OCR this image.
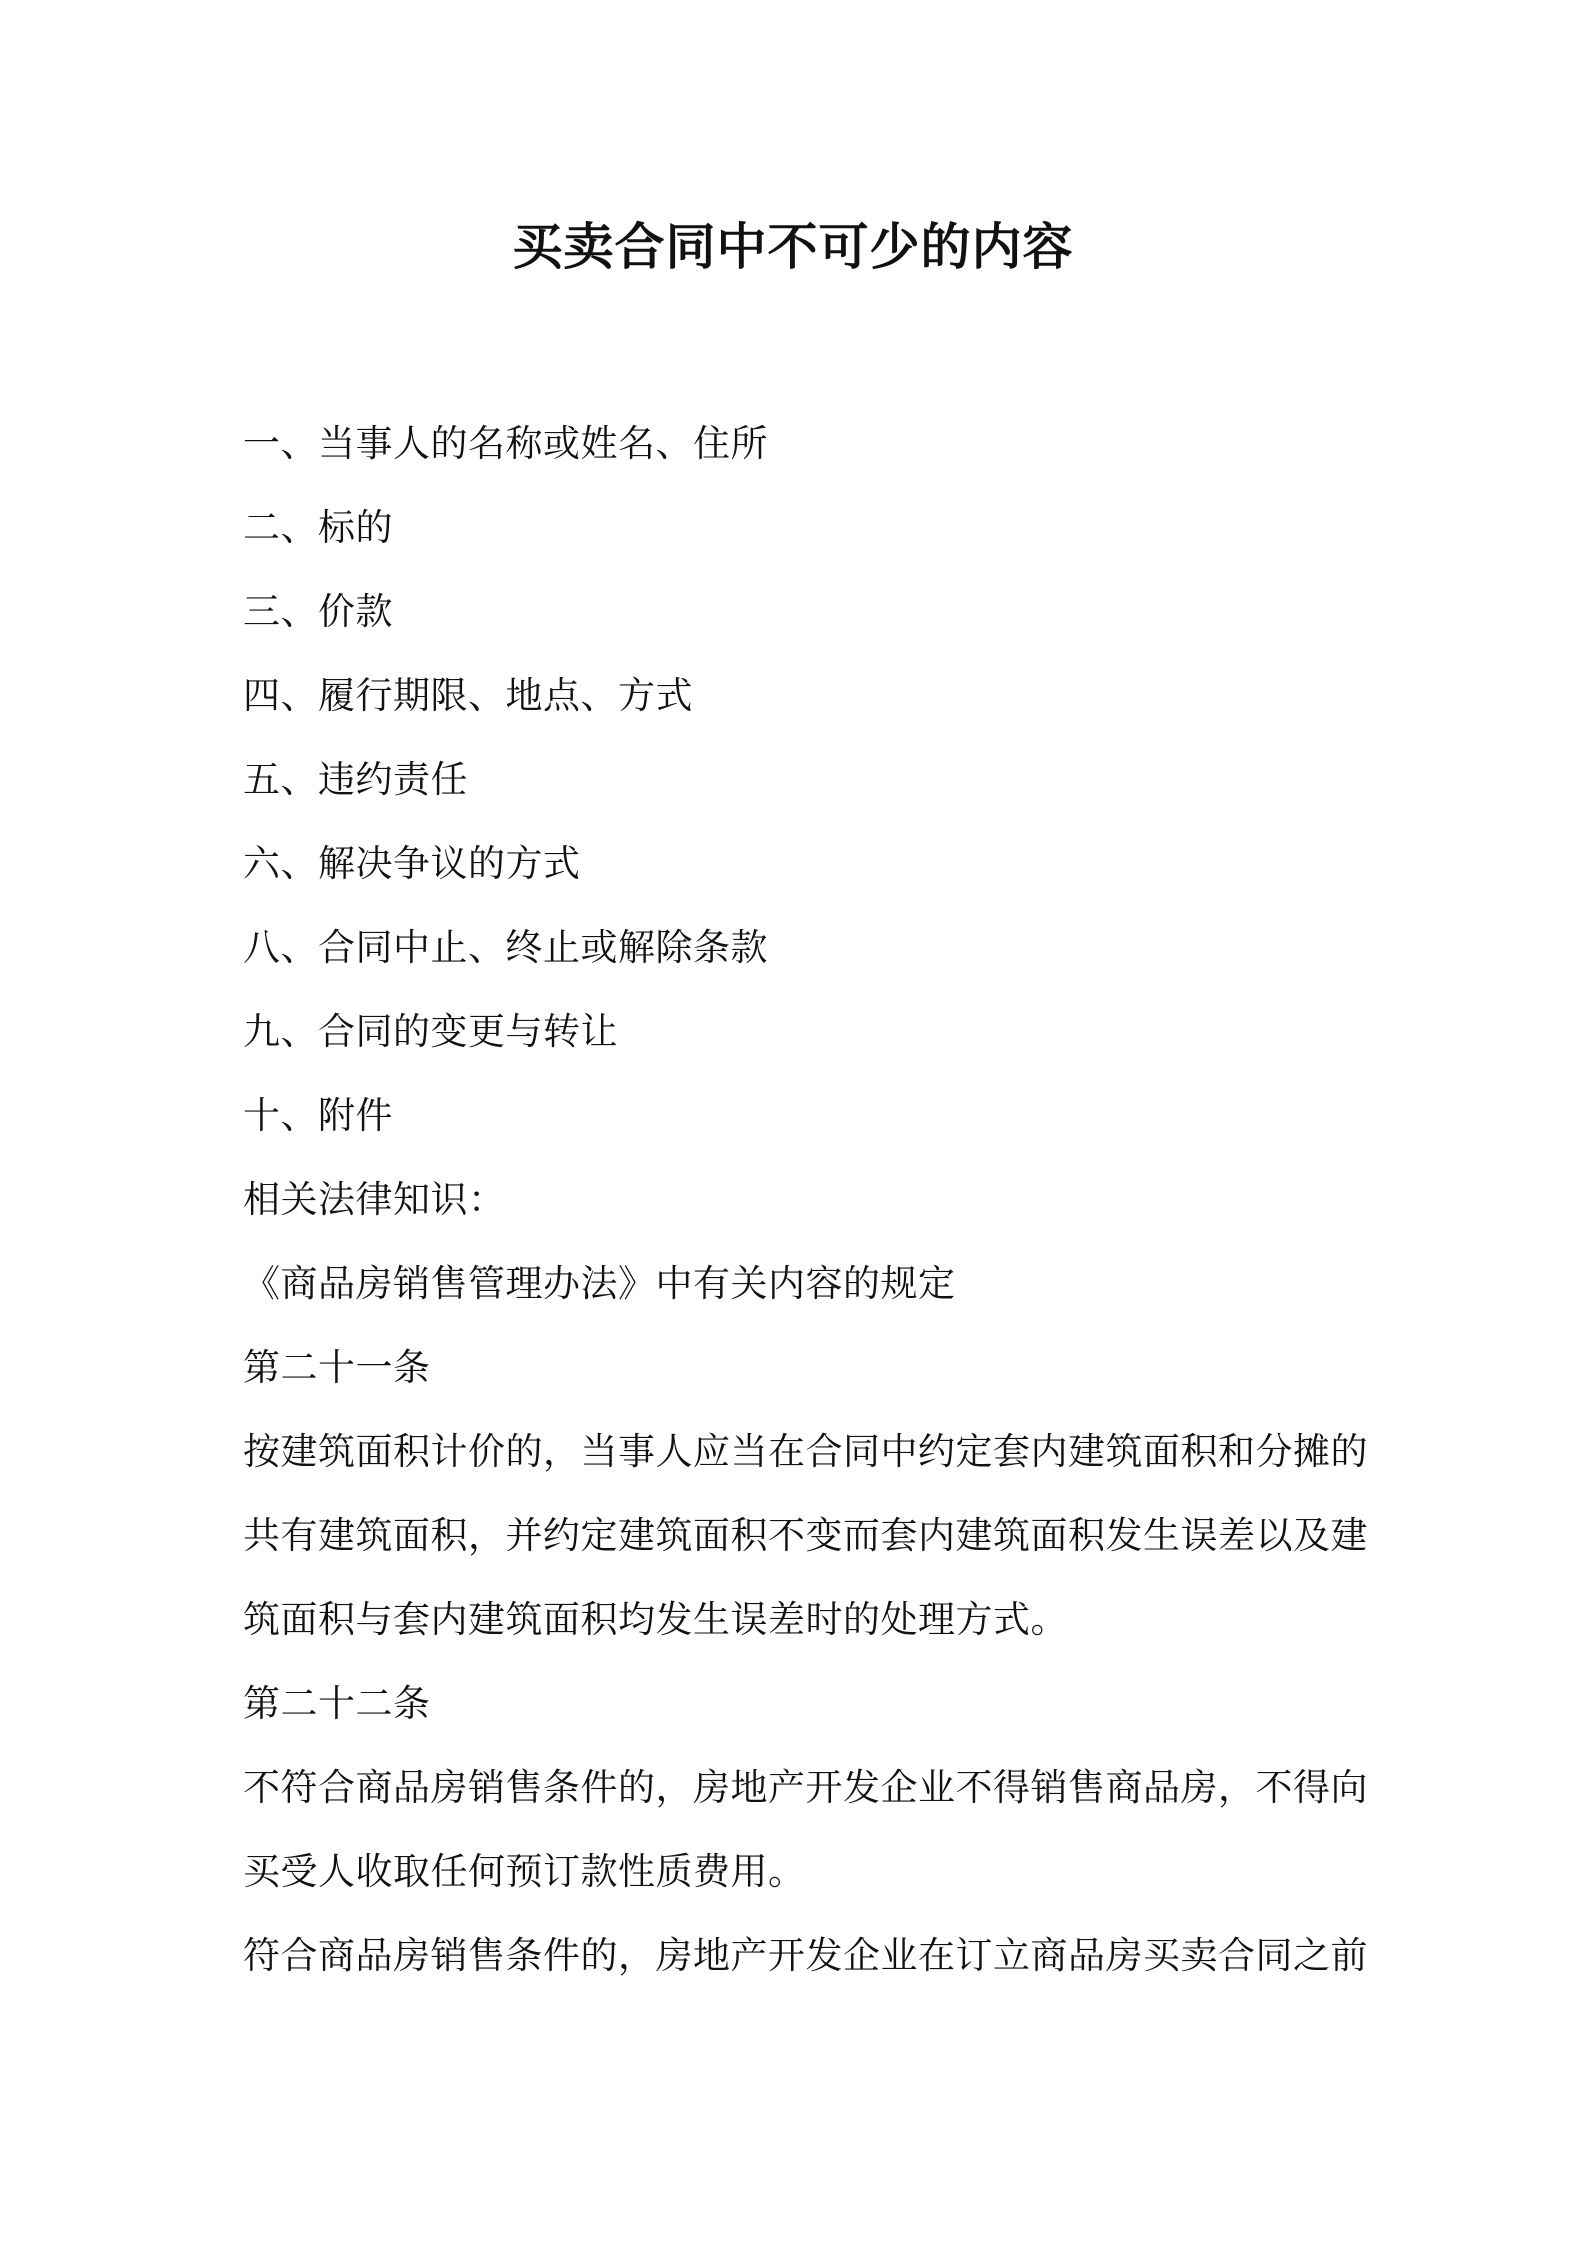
买卖合同中不可少的内容

一、当事人的名称或姓名、住所

二、标的

三、价款

四、履行期限、地点、方式

五、违约责任

六、解决争议的方式

八、合同中止、终止或解除条款

九、合同的变更与转让

十、附件

相关法律知识：

《商品房销售管理办法》中有关内容的规定

第二十一条

按建筑面积计价的，当事人应当在合同中约定套内建筑面积和分摊的

共有建筑面积，并约定建筑面积不变而套内建筑面积发生误差以及建

筑面积与套内建筑面积均发生误差时的处理方式。

第二十二条

不符合商品房销售条件的，房地产开发企业不得销售商品房，不得向

买受人收取任何预订款性质费用。

符合商品房销售条件的，房地产开发企业在订立商品房买卖合同之前
